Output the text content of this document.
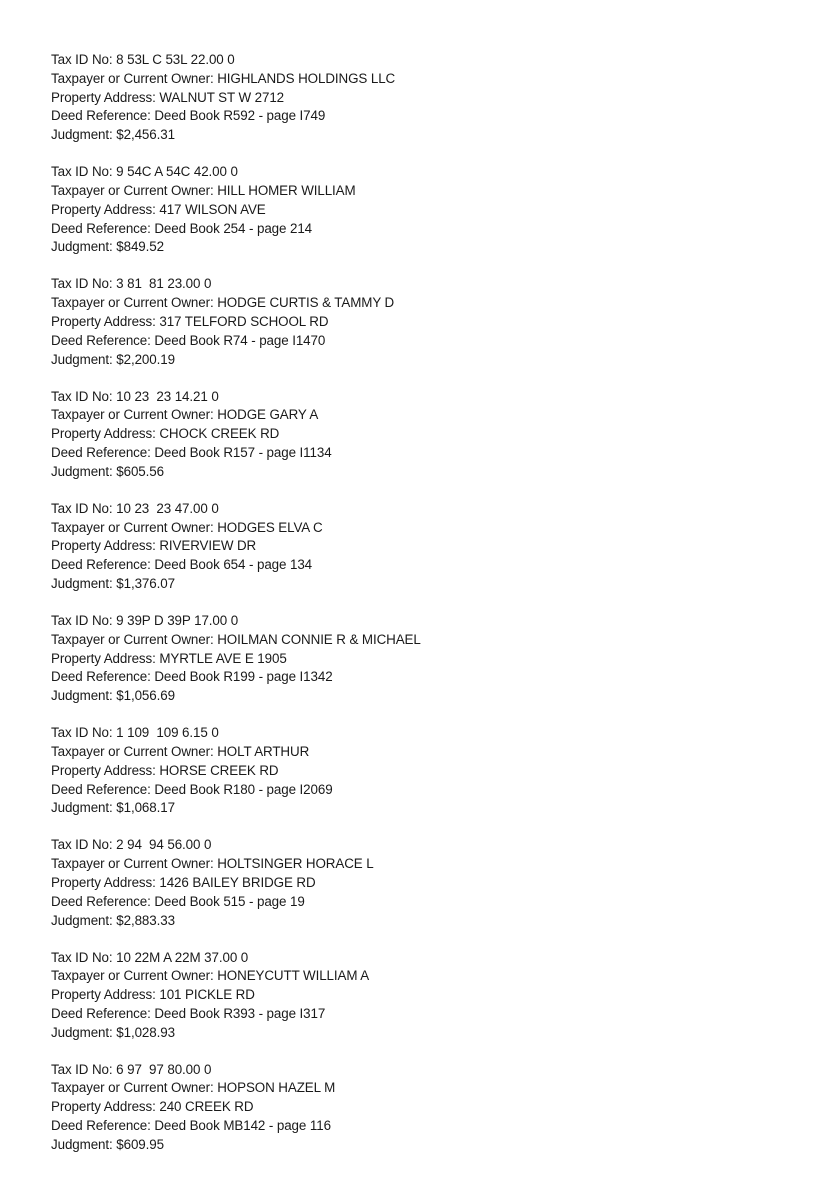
Tax ID No: 8 53L C 53L 22.00 0
Taxpayer or Current Owner: HIGHLANDS HOLDINGS LLC
Property Address: WALNUT ST W 2712
Deed Reference: Deed Book R592 - page I749
Judgment: $2,456.31
Tax ID No: 9 54C A 54C 42.00 0
Taxpayer or Current Owner: HILL HOMER WILLIAM
Property Address: 417 WILSON AVE
Deed Reference: Deed Book 254 - page 214
Judgment: $849.52
Tax ID No: 3 81  81 23.00 0
Taxpayer or Current Owner: HODGE CURTIS & TAMMY D
Property Address: 317 TELFORD SCHOOL RD
Deed Reference: Deed Book R74 - page I1470
Judgment: $2,200.19
Tax ID No: 10 23  23 14.21 0
Taxpayer or Current Owner: HODGE GARY A
Property Address: CHOCK CREEK RD
Deed Reference: Deed Book R157 - page I1134
Judgment: $605.56
Tax ID No: 10 23  23 47.00 0
Taxpayer or Current Owner: HODGES ELVA C
Property Address: RIVERVIEW DR
Deed Reference: Deed Book 654 - page 134
Judgment: $1,376.07
Tax ID No: 9 39P D 39P 17.00 0
Taxpayer or Current Owner: HOILMAN CONNIE R & MICHAEL
Property Address: MYRTLE AVE E 1905
Deed Reference: Deed Book R199 - page I1342
Judgment: $1,056.69
Tax ID No: 1 109  109 6.15 0
Taxpayer or Current Owner: HOLT ARTHUR
Property Address: HORSE CREEK RD
Deed Reference: Deed Book R180 - page I2069
Judgment: $1,068.17
Tax ID No: 2 94  94 56.00 0
Taxpayer or Current Owner: HOLTSINGER HORACE L
Property Address: 1426 BAILEY BRIDGE RD
Deed Reference: Deed Book 515 - page 19
Judgment: $2,883.33
Tax ID No: 10 22M A 22M 37.00 0
Taxpayer or Current Owner: HONEYCUTT WILLIAM A
Property Address: 101 PICKLE RD
Deed Reference: Deed Book R393 - page I317
Judgment: $1,028.93
Tax ID No: 6 97  97 80.00 0
Taxpayer or Current Owner: HOPSON HAZEL M
Property Address: 240 CREEK RD
Deed Reference: Deed Book MB142 - page 116
Judgment: $609.95
